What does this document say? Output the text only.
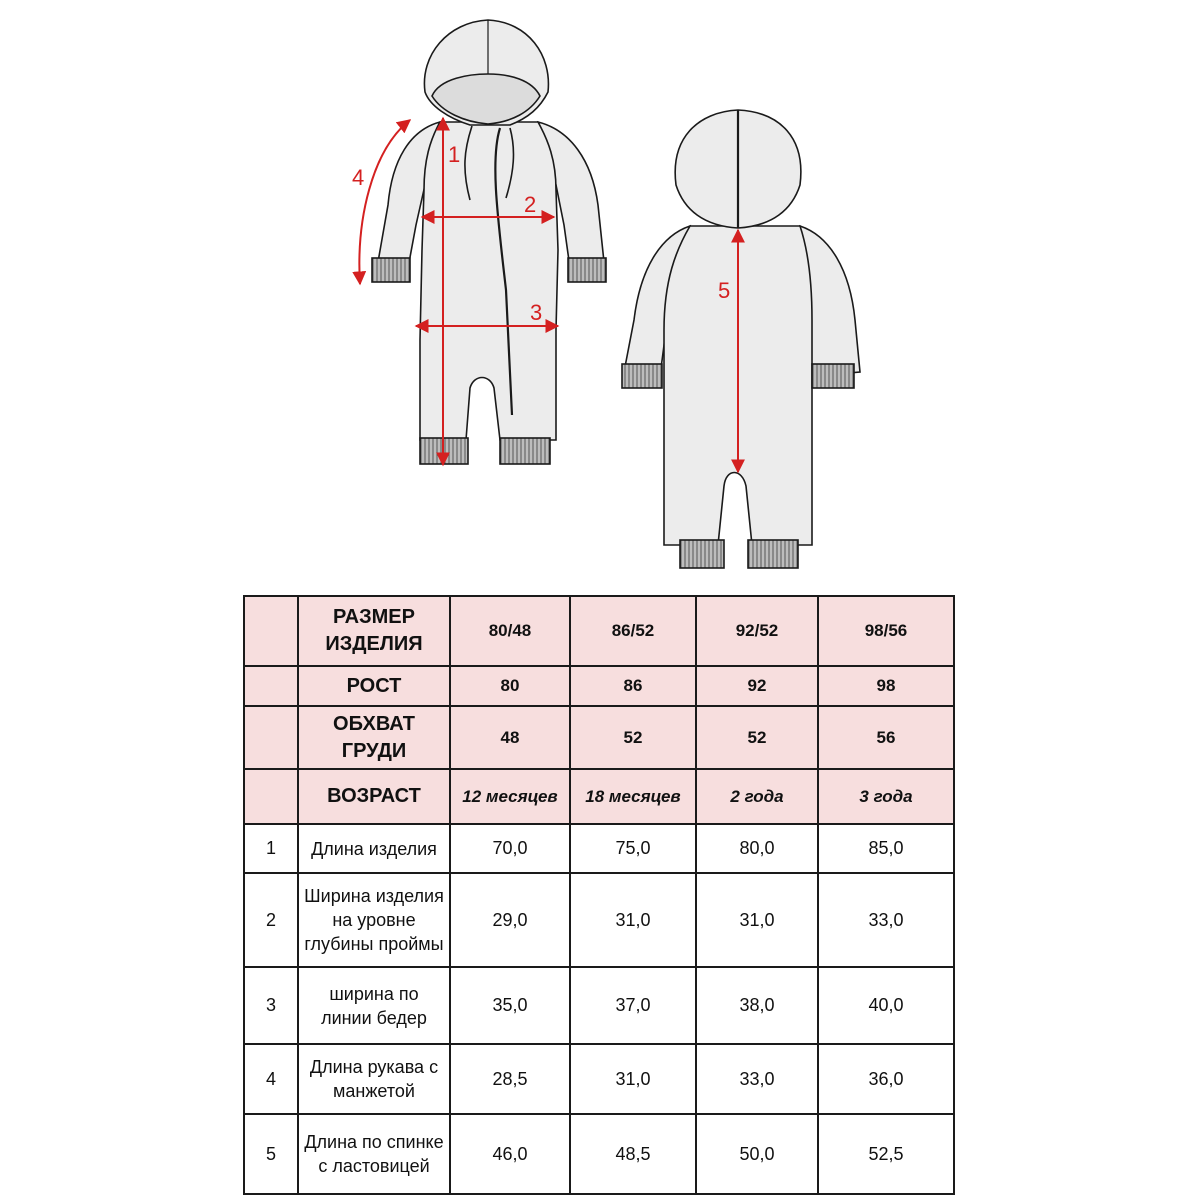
1
2
3
4
5
	РАЗМЕР ИЗДЕЛИЯ	80/48	86/52	92/52	98/56
	РОСТ	80	86	92	98
	ОБХВАТ ГРУДИ	48	52	52	56
	ВОЗРАСТ	12 месяцев	18 месяцев	2 года	3 года
1	Длина изделия	70,0	75,0	80,0	85,0
2	Ширина изделия на уровне глубины проймы	29,0	31,0	31,0	33,0
3	ширина по линии бедер	35,0	37,0	38,0	40,0
4	Длина рукава с манжетой	28,5	31,0	33,0	36,0
5	Длина по спинке с ластовицей	46,0	48,5	50,0	52,5
